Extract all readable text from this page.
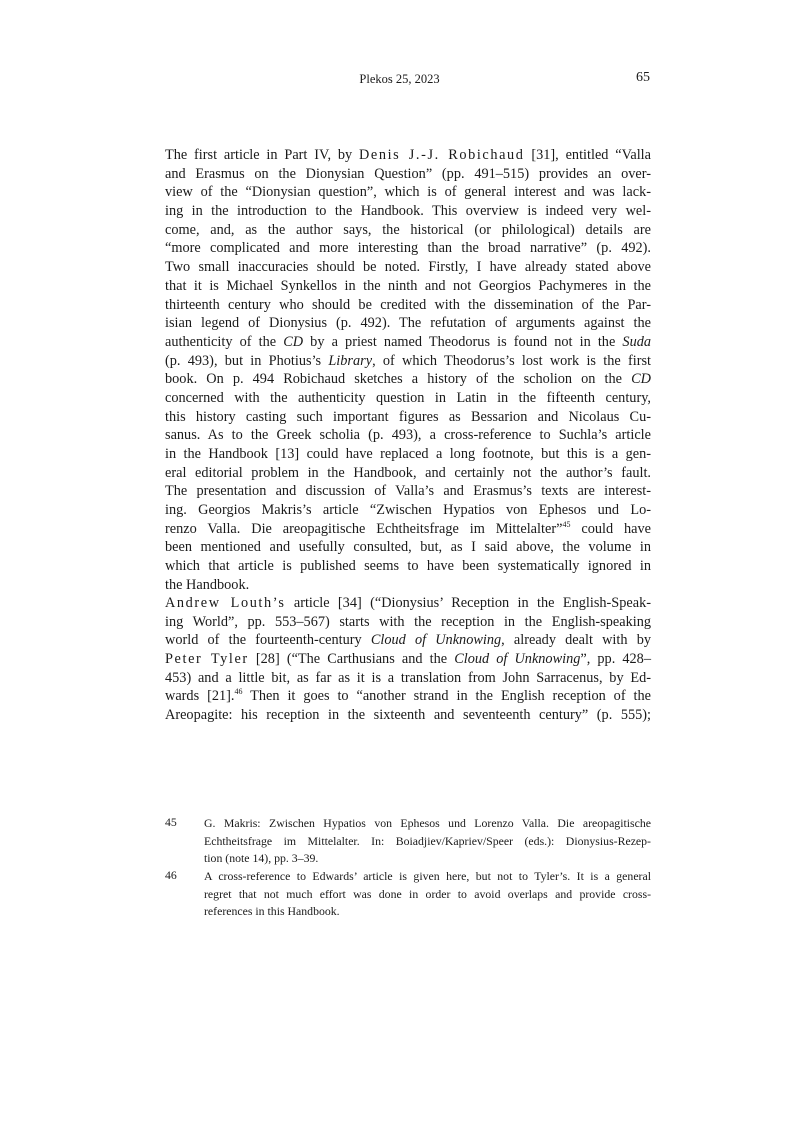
Plekos 25, 2023	65
The first article in Part IV, by Denis J.-J. Robichaud [31], entitled “Valla
and Erasmus on the Dionysian Question” (pp. 491–515) provides an over-
view of the “Dionysian question”, which is of general interest and was lack-
ing in the introduction to the Handbook. This overview is indeed very wel-
come, and, as the author says, the historical (or philological) details are
“more complicated and more interesting than the broad narrative” (p. 492).
Two small inaccuracies should be noted. Firstly, I have already stated above
that it is Michael Synkellos in the ninth and not Georgios Pachymeres in the
thirteenth century who should be credited with the dissemination of the Par-
isian legend of Dionysius (p. 492). The refutation of arguments against the
authenticity of the CD by a priest named Theodorus is found not in the Suda
(p. 493), but in Photius’s Library, of which Theodorus’s lost work is the first
book. On p. 494 Robichaud sketches a history of the scholion on the CD
concerned with the authenticity question in Latin in the fifteenth century,
this history casting such important figures as Bessarion and Nicolaus Cu-
sanus. As to the Greek scholia (p. 493), a cross-reference to Suchla’s article
in the Handbook [13] could have replaced a long footnote, but this is a gen-
eral editorial problem in the Handbook, and certainly not the author’s fault.
The presentation and discussion of Valla’s and Erasmus’s texts are interest-
ing. Georgios Makris’s article “Zwischen Hypatios von Ephesos und Lo-
renzo Valla. Die areopagitische Echtheitsfrage im Mittelalter”$^{45}$ could have
been mentioned and usefully consulted, but, as I said above, the volume in
which that article is published seems to have been systematically ignored in
the Handbook.
Andrew Louth’s article [34] (“Dionysius’ Reception in the English-Speak-
ing World”, pp. 553–567) starts with the reception in the English-speaking
world of the fourteenth-century Cloud of Unknowing, already dealt with by
Peter Tyler [28] (“The Carthusians and the Cloud of Unknowing”, pp. 428–
453) and a little bit, as far as it is a translation from John Sarracenus, by Ed-
wards [21].$^{46}$ Then it goes to “another strand in the English reception of the
Areopagite: his reception in the sixteenth and seventeenth century” (p. 555);
45 G. Makris: Zwischen Hypatios von Ephesos und Lorenzo Valla. Die areopagitische
Echtheitsfrage im Mittelalter. In: Boiadjiev/Kapriev/Speer (eds.): Dionysius-Rezep-
tion (note 14), pp. 3–39.
46 A cross-reference to Edwards’ article is given here, but not to Tyler’s. It is a general
regret that not much effort was done in order to avoid overlaps and provide cross-
references in this Handbook.
